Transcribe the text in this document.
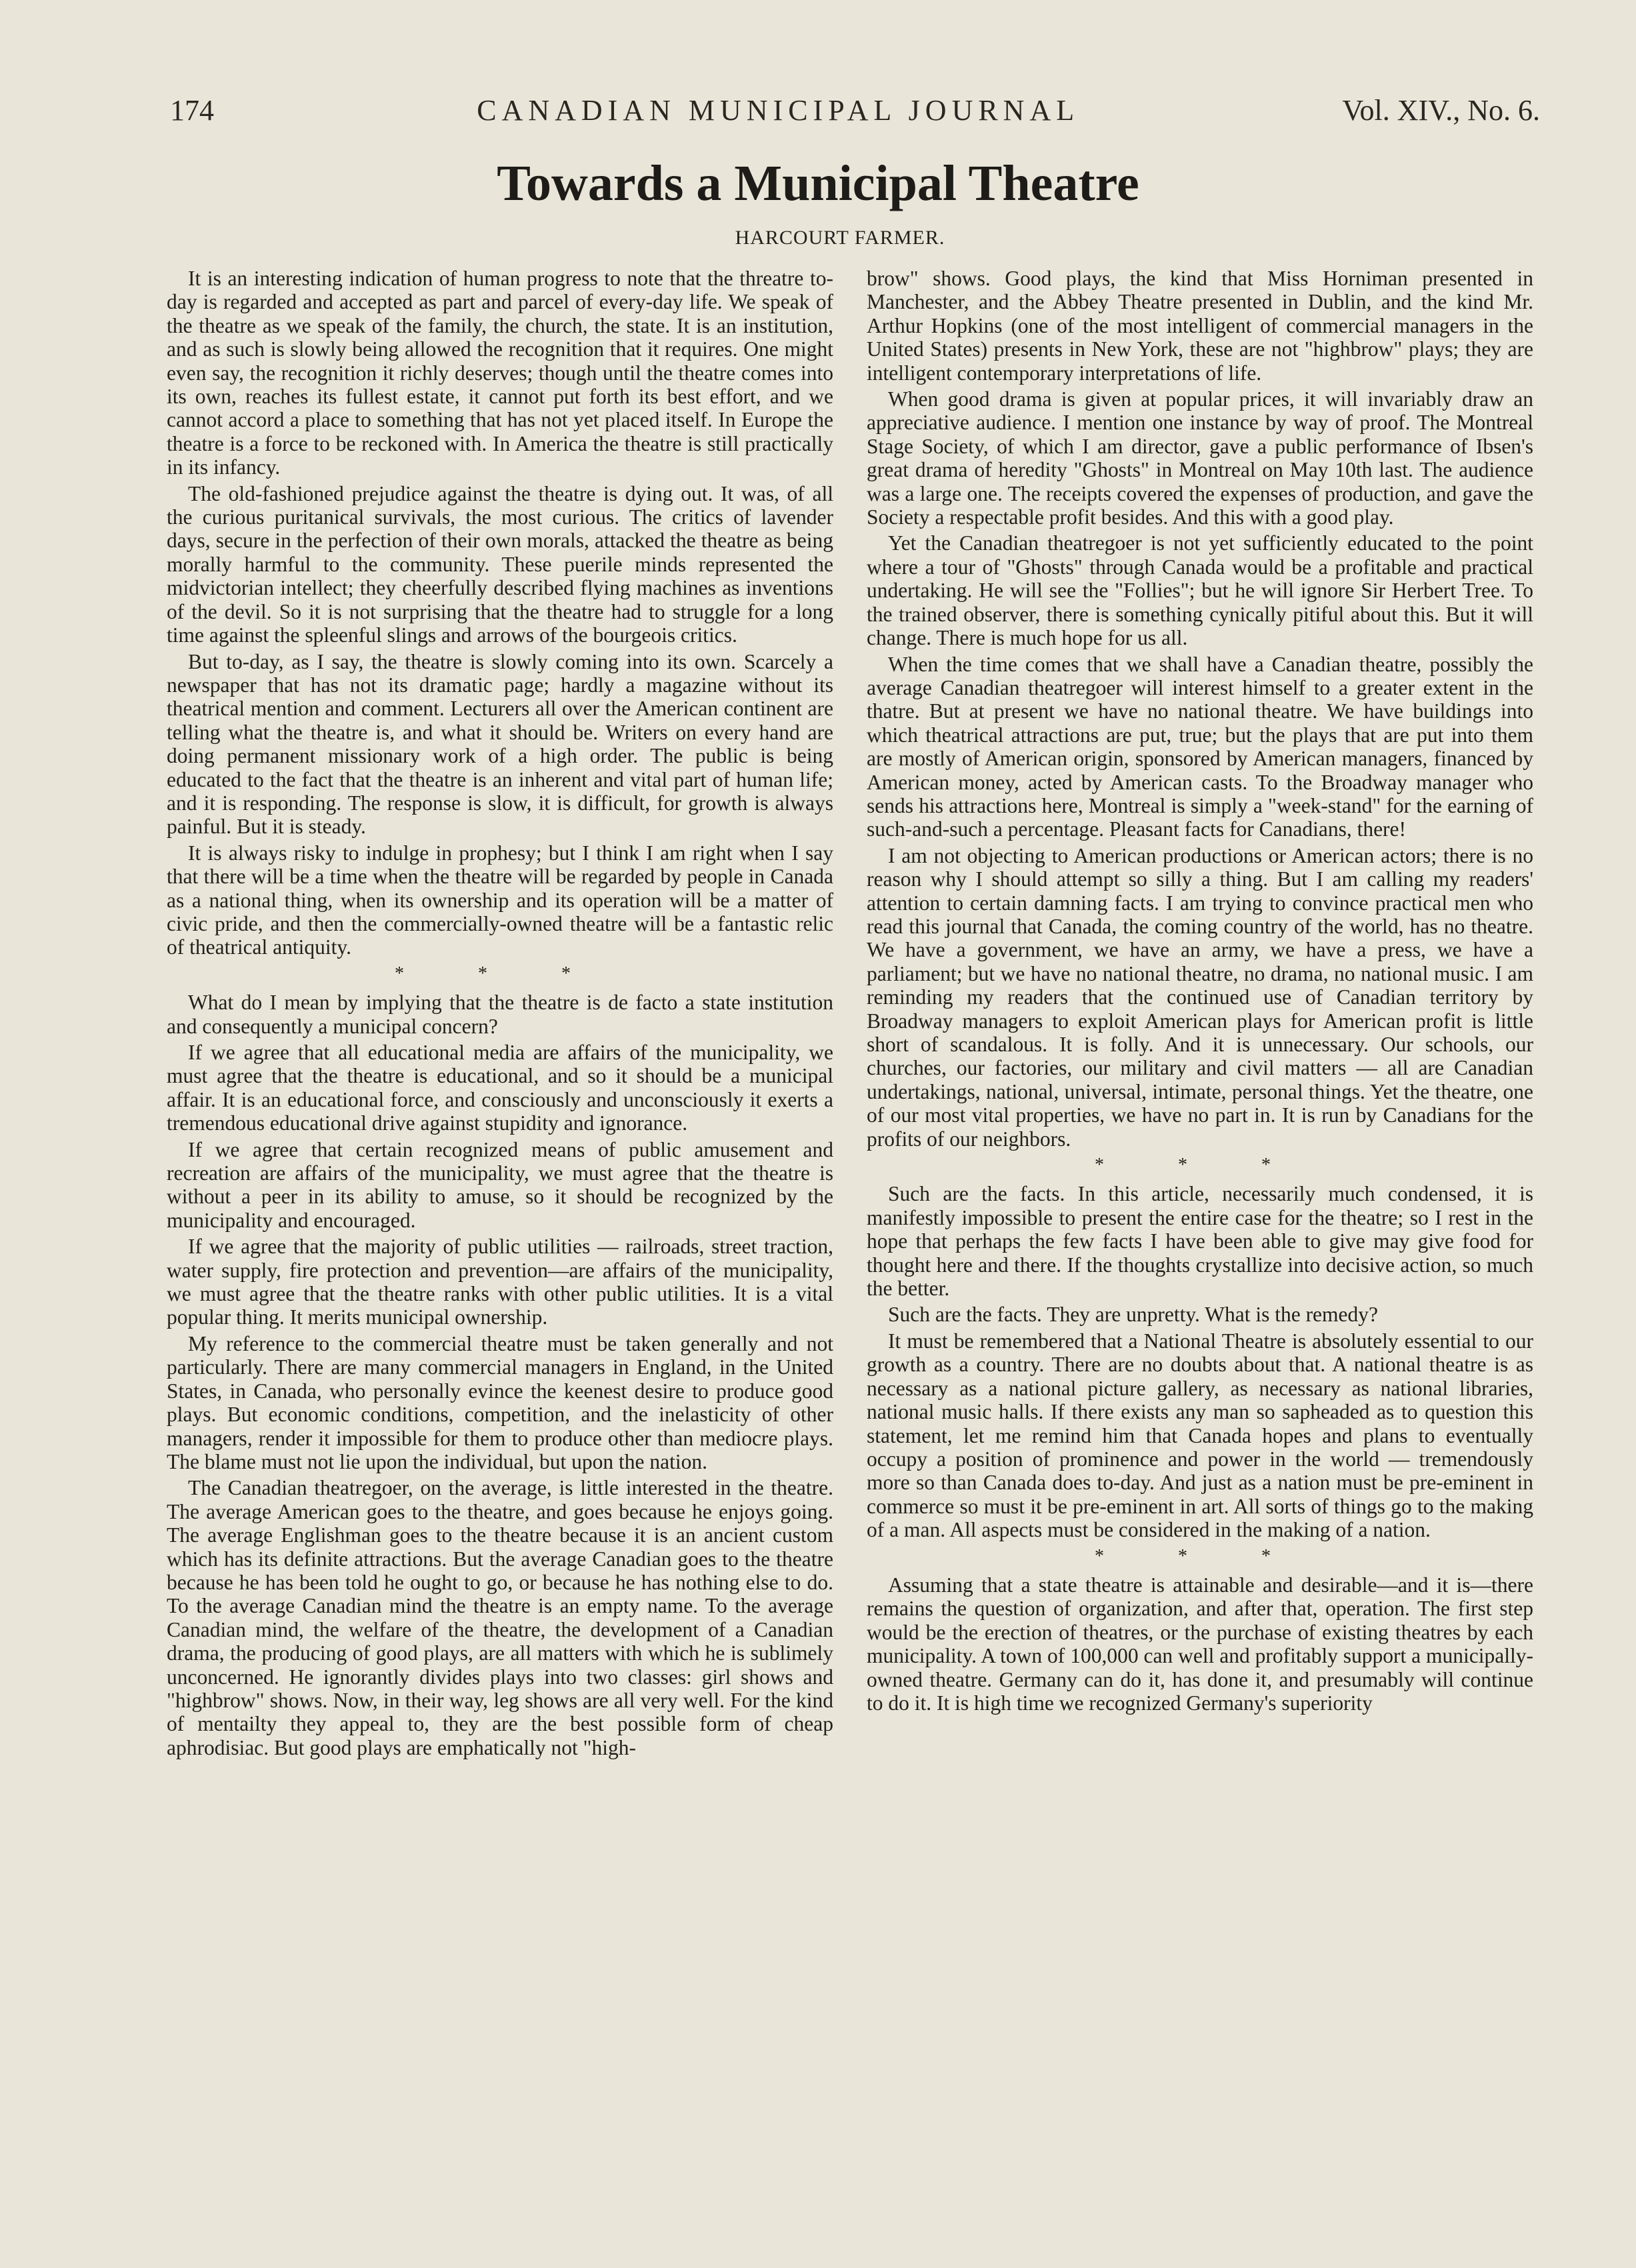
174	CANADIAN MUNICIPAL JOURNAL	Vol. XIV., No. 6.
Towards a Municipal Theatre
HARCOURT FARMER.

It is an interesting indication of human progress to note that the threatre to-day is regarded and accepted as part and parcel of every-day life. We speak of the theatre as we speak of the family, the church, the state. It is an institution, and as such is slowly being allowed the recognition that it requires. One might even say, the recognition it richly deserves; though until the theatre comes into its own, reaches its fullest estate, it cannot put forth its best effort, and we cannot accord a place to something that has not yet placed itself. In Europe the theatre is a force to be reckoned with. In America the theatre is still practically in its infancy.

The old-fashioned prejudice against the theatre is dying out. It was, of all the curious puritanical survivals, the most curious. The critics of lavender days, secure in the perfection of their own morals, attacked the theatre as being morally harmful to the community. These puerile minds represented the midvictorian intellect; they cheerfully described flying machines as inventions of the devil. So it is not surprising that the theatre had to struggle for a long time against the spleenful slings and arrows of the bourgeois critics.

But to-day, as I say, the theatre is slowly coming into its own. Scarcely a newspaper that has not its dramatic page; hardly a magazine without its theatrical mention and comment. Lecturers all over the American continent are telling what the theatre is, and what it should be. Writers on every hand are doing permanent missionary work of a high order. The public is being educated to the fact that the theatre is an inherent and vital part of human life; and it is responding. The response is slow, it is difficult, for growth is always painful. But it is steady.

It is always risky to indulge in prophesy; but I think I am right when I say that there will be a time when the theatre will be regarded by people in Canada as a national thing, when its ownership and its operation will be a matter of civic pride, and then the commercially-owned theatre will be a fantastic relic of theatrical antiquity.

* * *

What do I mean by implying that the theatre is de facto a state institution and consequently a municipal concern?

If we agree that all educational media are affairs of the municipality, we must agree that the theatre is educational, and so it should be a municipal affair. It is an educational force, and consciously and unconsciously it exerts a tremendous educational drive against stupidity and ignorance.

If we agree that certain recognized means of public amusement and recreation are affairs of the municipality, we must agree that the theatre is without a peer in its ability to amuse, so it should be recognized by the municipality and encouraged.

If we agree that the majority of public utilities — railroads, street traction, water supply, fire protection and prevention—are affairs of the municipality, we must agree that the theatre ranks with other public utilities. It is a vital popular thing. It merits municipal ownership.

My reference to the commercial theatre must be taken generally and not particularly. There are many commercial managers in England, in the United States, in Canada, who personally evince the keenest desire to produce good plays. But economic conditions, competition, and the inelasticity of other managers, render it impossible for them to produce other than mediocre plays. The blame must not lie upon the individual, but upon the nation.

The Canadian theatregoer, on the average, is little interested in the theatre. The average American goes to the theatre, and goes because he enjoys going. The average Englishman goes to the theatre because it is an ancient custom which has its definite attractions. But the average Canadian goes to the theatre because he has been told he ought to go, or because he has nothing else to do. To the average Canadian mind the theatre is an empty name. To the average Canadian mind, the welfare of the theatre, the development of a Canadian drama, the producing of good plays, are all matters with which he is sublimely unconcerned. He ignorantly divides plays into two classes: girl shows and "highbrow" shows. Now, in their way, leg shows are all very well. For the kind of mentailty they appeal to, they are the best possible form of cheap aphrodisiac. But good plays are emphatically not "high-

brow" shows. Good plays, the kind that Miss Horniman presented in Manchester, and the Abbey Theatre presented in Dublin, and the kind Mr. Arthur Hopkins (one of the most intelligent of commercial managers in the United States) presents in New York, these are not "highbrow" plays; they are intelligent contemporary interpretations of life.

When good drama is given at popular prices, it will invariably draw an appreciative audience. I mention one instance by way of proof. The Montreal Stage Society, of which I am director, gave a public performance of Ibsen's great drama of heredity "Ghosts" in Montreal on May 10th last. The audience was a large one. The receipts covered the expenses of production, and gave the Society a respectable profit besides. And this with a good play.

Yet the Canadian theatregoer is not yet sufficiently educated to the point where a tour of "Ghosts" through Canada would be a profitable and practical undertaking. He will see the "Follies"; but he will ignore Sir Herbert Tree. To the trained observer, there is something cynically pitiful about this. But it will change. There is much hope for us all.

When the time comes that we shall have a Canadian theatre, possibly the average Canadian theatregoer will interest himself to a greater extent in the thatre. But at present we have no national theatre. We have buildings into which theatrical attractions are put, true; but the plays that are put into them are mostly of American origin, sponsored by American managers, financed by American money, acted by American casts. To the Broadway manager who sends his attractions here, Montreal is simply a "week-stand" for the earning of such-and-such a percentage. Pleasant facts for Canadians, there!

I am not objecting to American productions or American actors; there is no reason why I should attempt so silly a thing. But I am calling my readers' attention to certain damning facts. I am trying to convince practical men who read this journal that Canada, the coming country of the world, has no theatre. We have a government, we have an army, we have a press, we have a parliament; but we have no national theatre, no drama, no national music. I am reminding my readers that the continued use of Canadian territory by Broadway managers to exploit American plays for American profit is little short of scandalous. It is folly. And it is unnecessary. Our schools, our churches, our factories, our military and civil matters — all are Canadian undertakings, national, universal, intimate, personal things. Yet the theatre, one of our most vital properties, we have no part in. It is run by Canadians for the profits of our neighbors.

* * *

Such are the facts. In this article, necessarily much condensed, it is manifestly impossible to present the entire case for the theatre; so I rest in the hope that perhaps the few facts I have been able to give may give food for thought here and there. If the thoughts crystallize into decisive action, so much the better.

Such are the facts. They are unpretty. What is the remedy?

It must be remembered that a National Theatre is absolutely essential to our growth as a country. There are no doubts about that. A national theatre is as necessary as a national picture gallery, as necessary as national libraries, national music halls. If there exists any man so sapheaded as to question this statement, let me remind him that Canada hopes and plans to eventually occupy a position of prominence and power in the world — tremendously more so than Canada does to-day. And just as a nation must be pre-eminent in commerce so must it be pre-eminent in art. All sorts of things go to the making of a man. All aspects must be considered in the making of a nation.

* * *

Assuming that a state theatre is attainable and desirable—and it is—there remains the question of organization, and after that, operation. The first step would be the erection of theatres, or the purchase of existing theatres by each municipality. A town of 100,000 can well and profitably support a municipally-owned theatre. Germany can do it, has done it, and presumably will continue to do it. It is high time we recognized Germany's superiority
